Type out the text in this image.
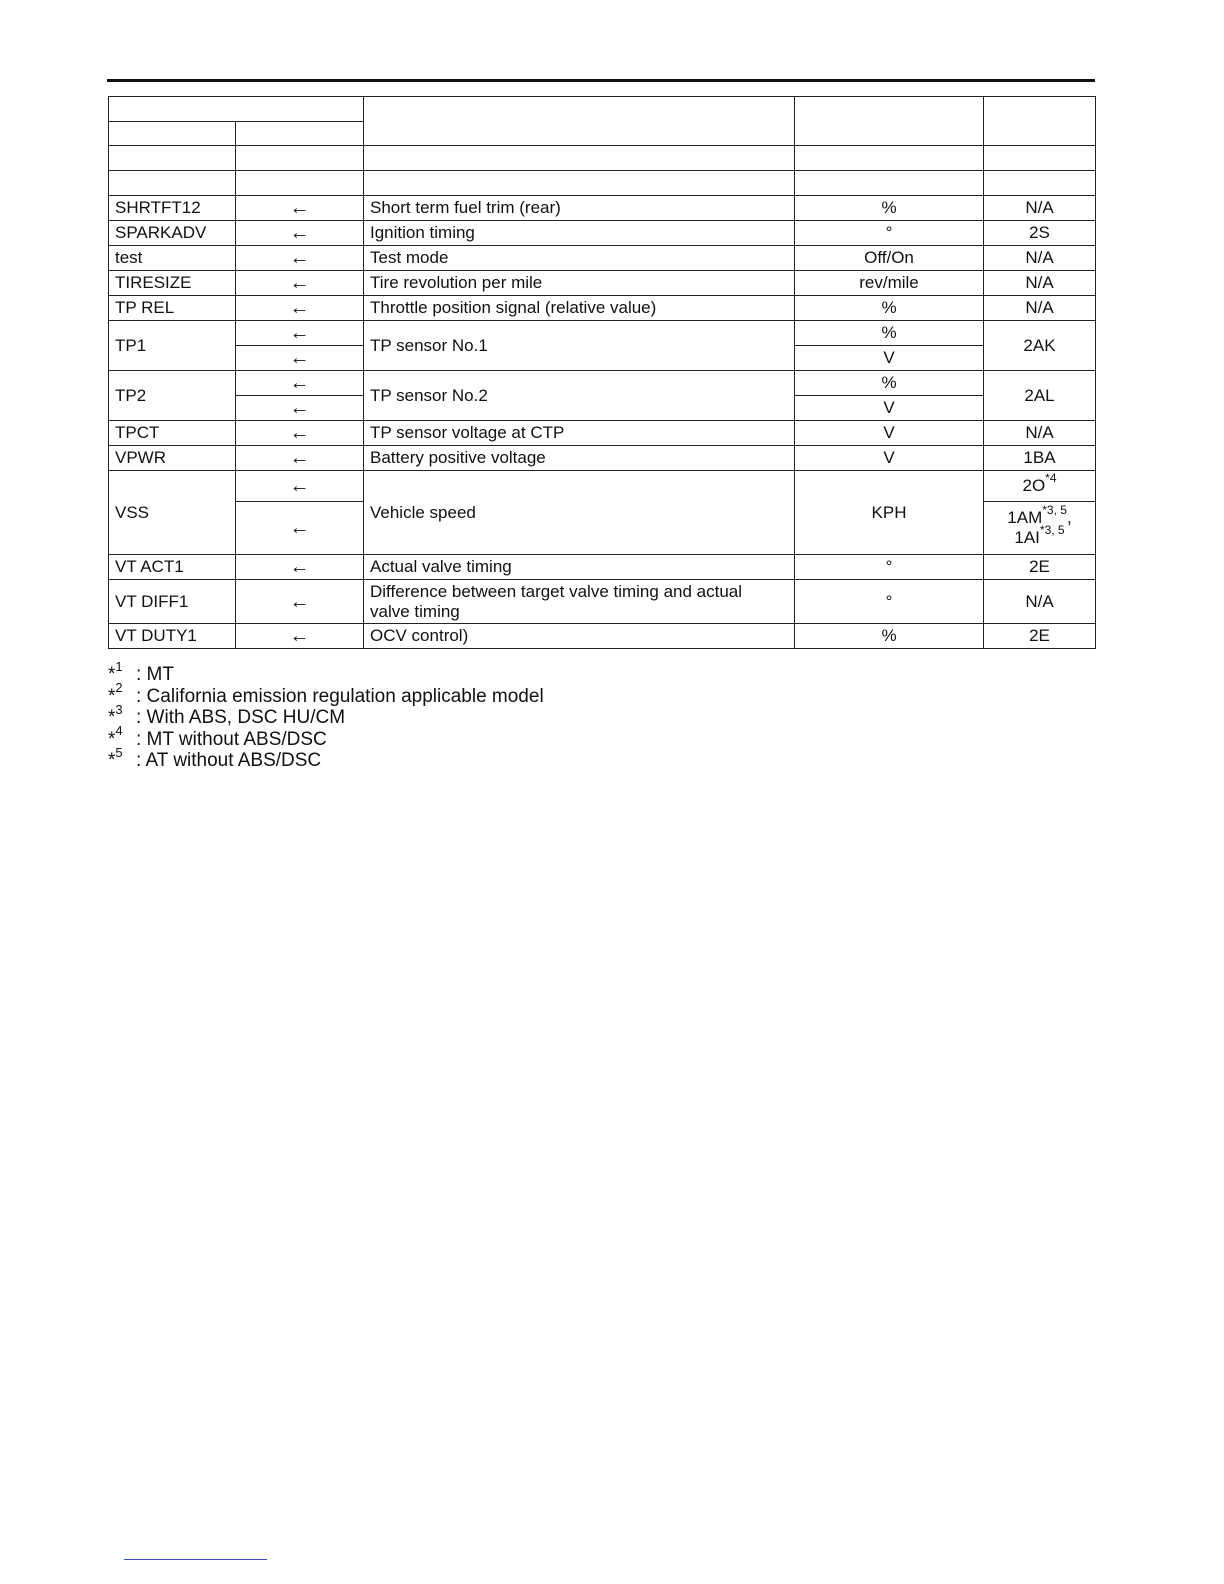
SHRTFT12	←	Short term fuel trim (rear)	%	N/A
SPARKADV	←	Ignition timing	°	2S
test	←	Test mode	Off/On	N/A
TIRESIZE	←	Tire revolution per mile	rev/mile	N/A
TP REL	←	Throttle position signal (relative value)	%	N/A
TP1	←	TP sensor No.1	%	2AK
	←		V	
TP2	←	TP sensor No.2	%	2AL
	←		V	
TPCT	←	TP sensor voltage at CTP	V	N/A
VPWR	←	Battery positive voltage	V	1BA
VSS	←	Vehicle speed	KPH	$2O^{*4}$
	←			1AM$^{*3, 5}$,
1AI$^{*3, 5}$
VT ACT1	←	Actual valve timing	°	2E
VT DIFF1	←	Difference between target valve timing and actual
valve timing	°	N/A
VT DUTY1	←	OCV control)	%	2E
*$^1$ : MT
*$^2$ : California emission regulation applicable model
*$^3$ : With ABS, DSC HU/CM
*$^4$ : MT without ABS/DSC
*$^5$ : AT without ABS/DSC
